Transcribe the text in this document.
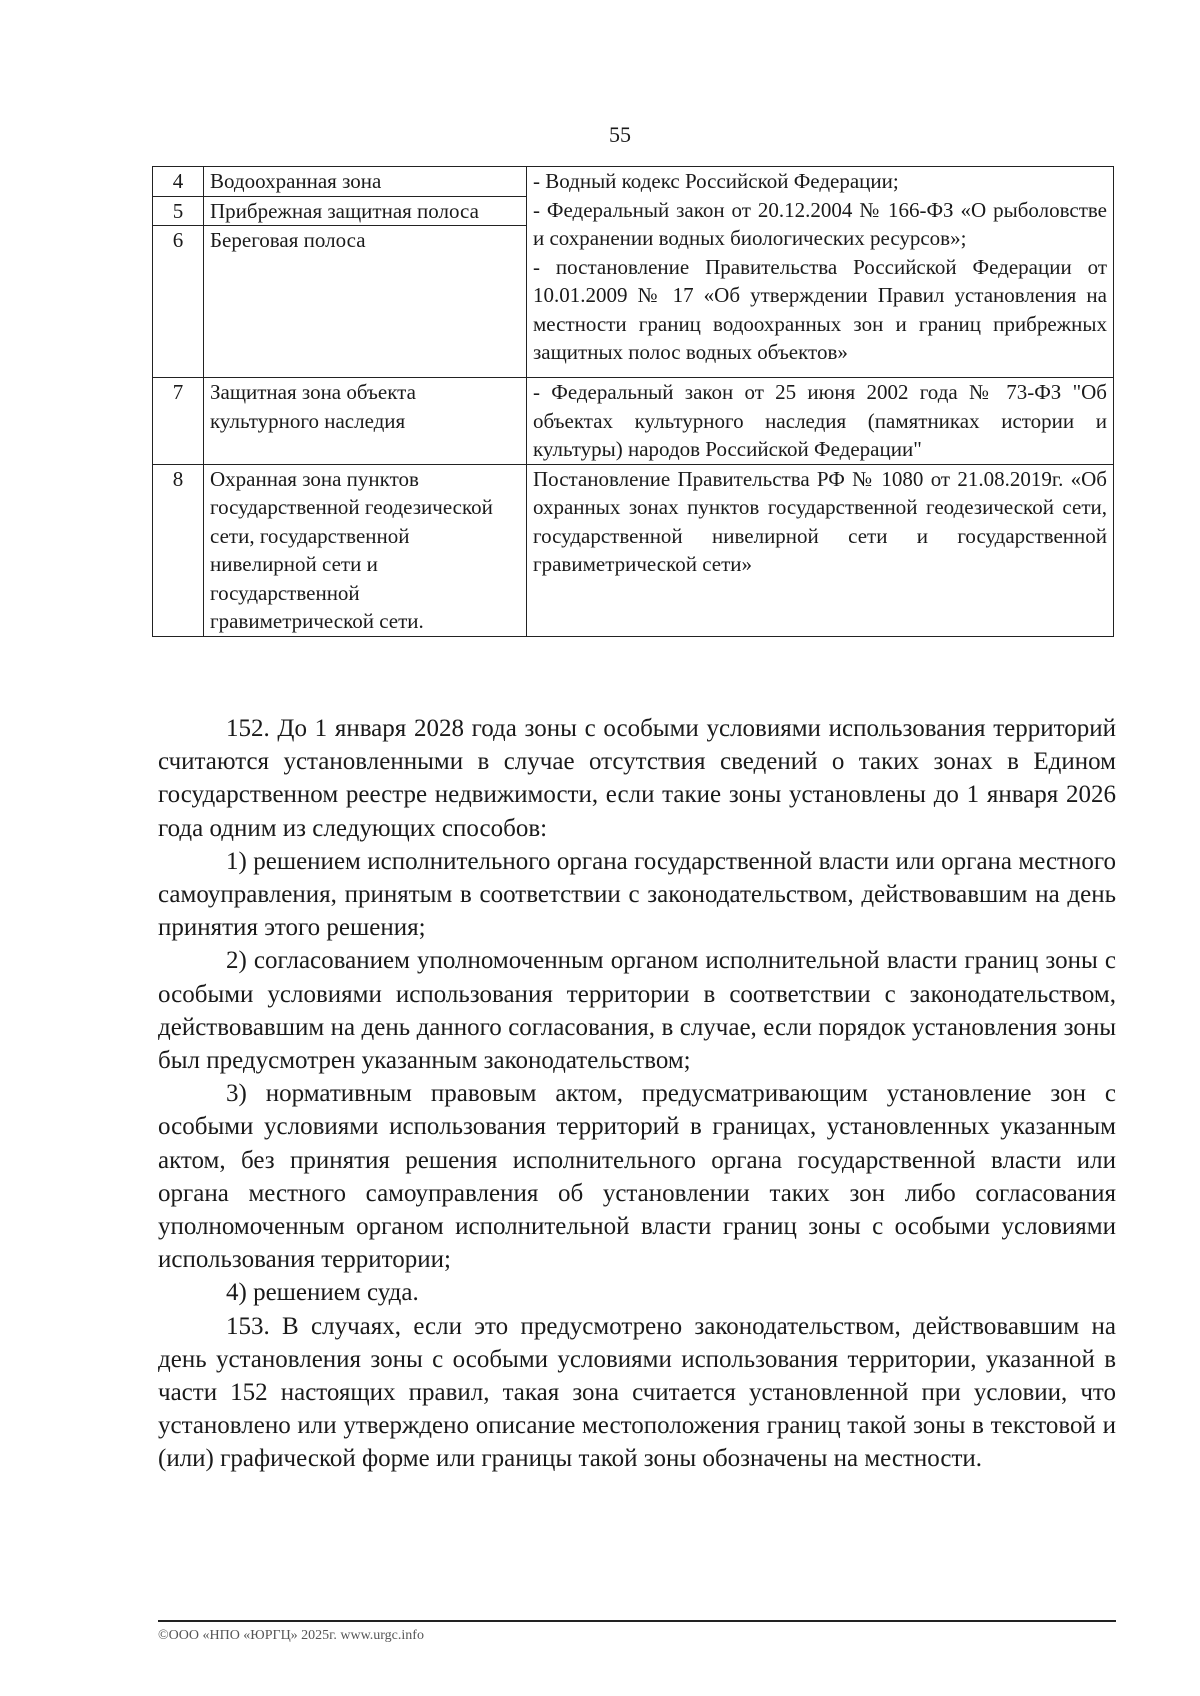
55
4	Водоохранная зона	- Водный кодекс Российской Федерации;
- Федеральный закон от 20.12.2004 № 166-ФЗ «О рыболовстве и сохранении водных биологических ресурсов»;
- постановление Правительства Российской Федерации от 10.01.2009 № 17 «Об утверждении Правил установления на местности границ водоохранных зон и границ прибрежных защитных полос водных объектов»

5	Прибрежная защитная полоса	
6	Береговая полоса	
7	Защитная зона объекта культурного наследия	- Федеральный закон от 25 июня 2002 года № 73-ФЗ "Об объектах культурного наследия (памятниках истории и культуры) народов Российской Федерации"
8	Охранная зона пунктов государственной геодезической сети, государственной нивелирной сети и государственной гравиметрической сети.	Постановление Правительства РФ № 1080 от 21.08.2019г. «Об охранных зонах пунктов государственной геодезической сети, государственной нивелирной сети и государственной гравиметрической сети»

152. До 1 января 2028 года зоны с особыми условиями использования территорий считаются установленными в случае отсутствия сведений о таких зонах в Едином государственном реестре недвижимости, если такие зоны установлены до 1 января 2026 года одним из следующих способов:

1) решением исполнительного органа государственной власти или органа местного самоуправления, принятым в соответствии с законодательством, действовавшим на день принятия этого решения;

2) согласованием уполномоченным органом исполнительной власти границ зоны с особыми условиями использования территории в соответствии с законодательством, действовавшим на день данного согласования, в случае, если порядок установления зоны был предусмотрен указанным законодательством;

3) нормативным правовым актом, предусматривающим установление зон с особыми условиями использования территорий в границах, установленных указанным актом, без принятия решения исполнительного органа государственной власти или органа местного самоуправления об установлении таких зон либо согласования уполномоченным органом исполнительной власти границ зоны с особыми условиями использования территории;

4) решением суда.

153. В случаях, если это предусмотрено законодательством, действовавшим на день установления зоны с особыми условиями использования территории, указанной в части 152 настоящих правил, такая зона считается установленной при условии, что установлено или утверждено описание местоположения границ такой зоны в текстовой и (или) графической форме или границы такой зоны обозначены на местности.

©ООО «НПО «ЮРГЦ» 2025г. www.urgc.info
